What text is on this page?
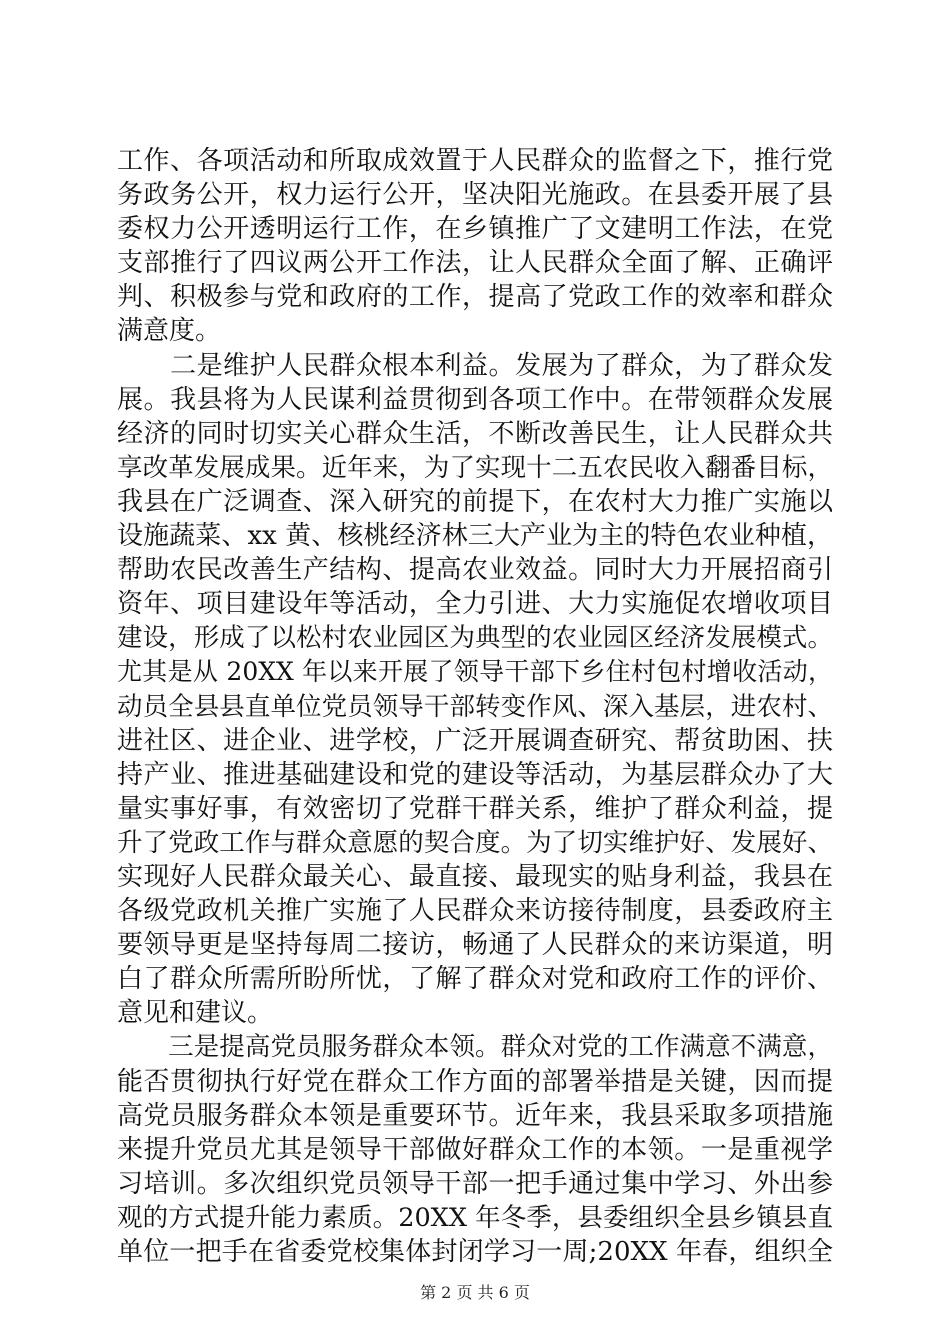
工作、各项活动和所取成效置于人民群众的监督之下，推行党
务政务公开，权力运行公开，坚决阳光施政。在县委开展了县
委权力公开透明运行工作，在乡镇推广了文建明工作法，在党
支部推行了四议两公开工作法，让人民群众全面了解、正确评
判、积极参与党和政府的工作，提高了党政工作的效率和群众
满意度。
　　二是维护人民群众根本利益。发展为了群众，为了群众发
展。我县将为人民谋利益贯彻到各项工作中。在带领群众发展
经济的同时切实关心群众生活，不断改善民生，让人民群众共
享改革发展成果。近年来，为了实现十二五农民收入翻番目标，
我县在广泛调查、深入研究的前提下，在农村大力推广实施以
设施蔬菜、xx 黄、核桃经济林三大产业为主的特色农业种植，
帮助农民改善生产结构、提高农业效益。同时大力开展招商引
资年、项目建设年等活动，全力引进、大力实施促农增收项目
建设，形成了以松村农业园区为典型的农业园区经济发展模式。
尤其是从 20XX 年以来开展了领导干部下乡住村包村增收活动，
动员全县县直单位党员领导干部转变作风、深入基层，进农村、
进社区、进企业、进学校，广泛开展调查研究、帮贫助困、扶
持产业、推进基础建设和党的建设等活动，为基层群众办了大
量实事好事，有效密切了党群干群关系，维护了群众利益，提
升了党政工作与群众意愿的契合度。为了切实维护好、发展好、
实现好人民群众最关心、最直接、最现实的贴身利益，我县在
各级党政机关推广实施了人民群众来访接待制度，县委政府主
要领导更是坚持每周二接访，畅通了人民群众的来访渠道，明
白了群众所需所盼所忧，了解了群众对党和政府工作的评价、
意见和建议。
　　三是提高党员服务群众本领。群众对党的工作满意不满意，
能否贯彻执行好党在群众工作方面的部署举措是关键，因而提
高党员服务群众本领是重要环节。近年来，我县采取多项措施
来提升党员尤其是领导干部做好群众工作的本领。一是重视学
习培训。多次组织党员领导干部一把手通过集中学习、外出参
观的方式提升能力素质。20XX 年冬季，县委组织全县乡镇县直
单位一把手在省委党校集体封闭学习一周;20XX 年春，组织全
第 2 页 共 6 页
